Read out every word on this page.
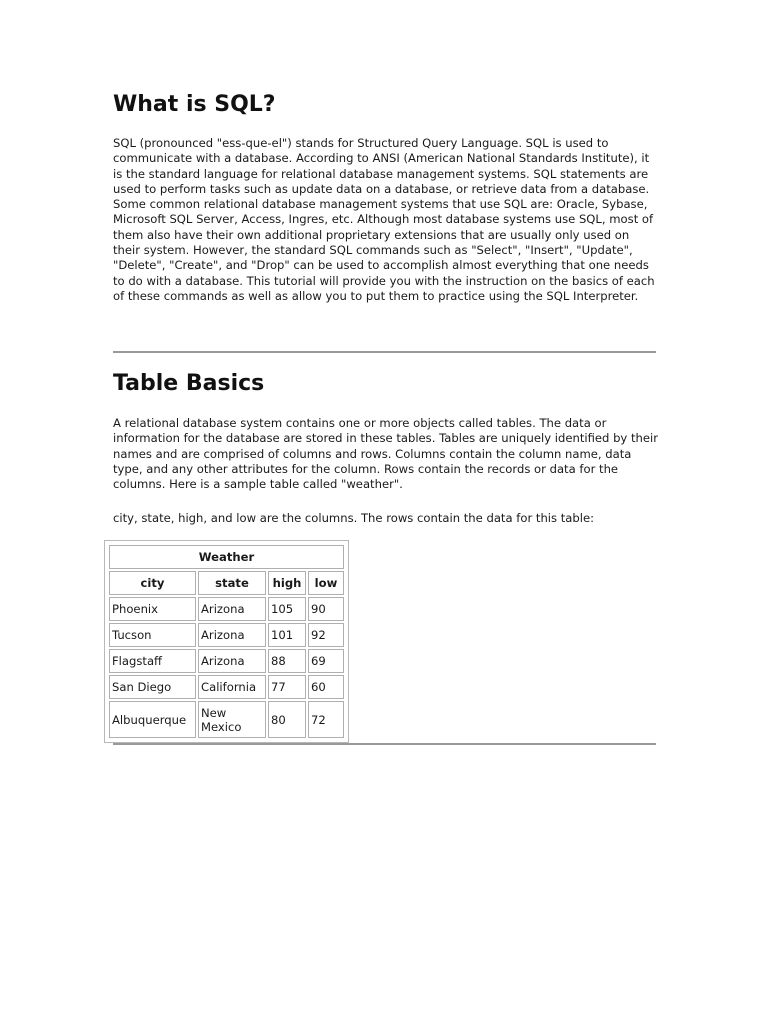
What is SQL?

SQL (pronounced "ess-que-el") stands for Structured Query Language. SQL is used to communicate with a database. According to ANSI (American National Standards Institute), it is the standard language for relational database management systems. SQL statements are used to perform tasks such as update data on a database, or retrieve data from a database. Some common relational database management systems that use SQL are: Oracle, Sybase, Microsoft SQL Server, Access, Ingres, etc. Although most database systems use SQL, most of them also have their own additional proprietary extensions that are usually only used on their system. However, the standard SQL commands such as "Select", "Insert", "Update", "Delete", "Create", and "Drop" can be used to accomplish almost everything that one needs to do with a database. This tutorial will provide you with the instruction on the basics of each of these commands as well as allow you to put them to practice using the SQL Interpreter.

Table Basics

A relational database system contains one or more objects called tables. The data or information for the database are stored in these tables. Tables are uniquely identified by their names and are comprised of columns and rows. Columns contain the column name, data type, and any other attributes for the column. Rows contain the records or data for the columns. Here is a sample table called "weather".

city, state, high, and low are the columns. The rows contain the data for this table:

Weather			
city	state	high	low
Phoenix	Arizona	105	90
Tucson	Arizona	101	92
Flagstaff	Arizona	88	69
San Diego	California	77	60
Albuquerque	New Mexico	80	72
